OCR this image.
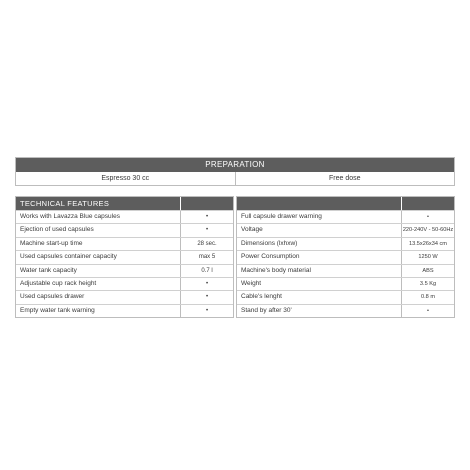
PREPARATION
Espresso 30 cc	Free dose
TECHNICAL FEATURES
Works with Lavazza Blue capsules	•
Ejection of used capsules	•
Machine start-up time	28 sec.
Used capsules container capacity	max 5
Water tank capacity	0.7 l
Adjustable cup rack height	•
Used capsules drawer	•
Empty water tank warning	•
Full capsule drawer warning	•
Voltage	220-240V - 50-60Hz
Dimensions (lxhxw)	13.5x26x34 cm
Power Consumption	1250 W
Machine's body material	ABS
Weight	3.5 Kg
Cable's lenght	0.8 m
Stand by after 30'	•
